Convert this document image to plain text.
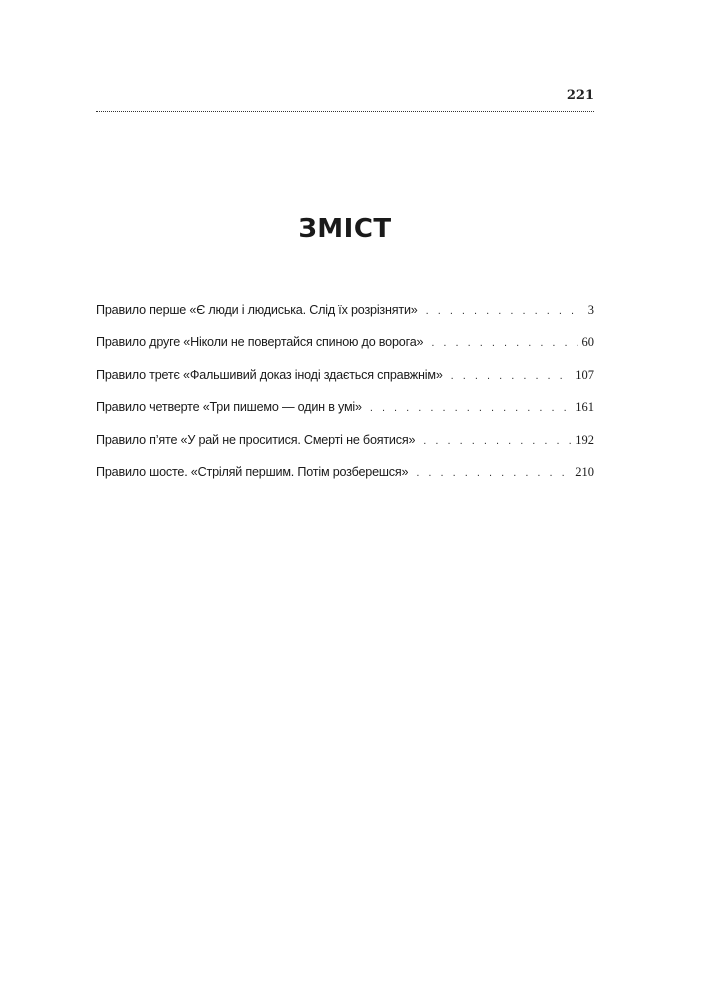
221
ЗМІСТ
Правило перше «Є люди і людиська. Слід їх розрізняти» . . .	3
Правило друге «Ніколи не повертайся спиною до ворога» . . .	60
Правило третє «Фальшивий доказ іноді здається справжнім» . . .	107
Правило четверте «Три пишемо — один в умі» . . .	161
Правило п’яте «У рай не проситися. Смерті не боятися» . . .	192
Правило шосте. «Стріляй першим. Потім розберешся» . . .	210
